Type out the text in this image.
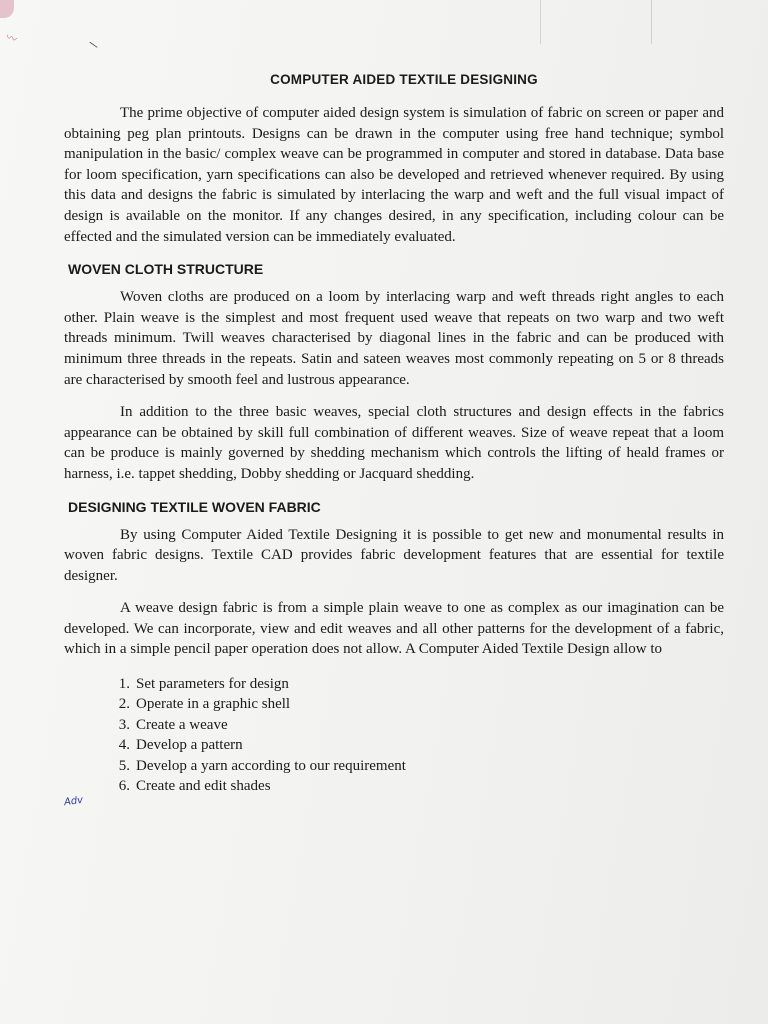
〰	\
Adv
COMPUTER AIDED TEXTILE DESIGNING

The prime objective of computer aided design system is simulation of fabric on screen or paper and obtaining peg plan printouts. Designs can be drawn in the computer using free hand technique; symbol manipulation in the basic/ complex weave can be programmed in computer and stored in database. Data base for loom specification, yarn specifications can also be developed and retrieved whenever required. By using this data and designs the fabric is simulated by interlacing the warp and weft and the full visual impact of design is available on the monitor. If any changes desired, in any specification, including colour can be effected and the simulated version can be immediately evaluated.

WOVEN CLOTH STRUCTURE

Woven cloths are produced on a loom by interlacing warp and weft threads right angles to each other. Plain weave is the simplest and most frequent used weave that repeats on two warp and two weft threads minimum. Twill weaves characterised by diagonal lines in the fabric and can be produced with minimum three threads in the repeats. Satin and sateen weaves most commonly repeating on 5 or 8 threads are characterised by smooth feel and lustrous appearance.

In addition to the three basic weaves, special cloth structures and design effects in the fabrics appearance can be obtained by skill full combination of different weaves. Size of weave repeat that a loom can be produce is mainly governed by shedding mechanism which controls the lifting of heald frames or harness, i.e. tappet shedding, Dobby shedding or Jacquard shedding.

DESIGNING TEXTILE WOVEN FABRIC

By using Computer Aided Textile Designing it is possible to get new and monumental results in woven fabric designs. Textile CAD provides fabric development features that are essential for textile designer.

A weave design fabric is from a simple plain weave to one as complex as our imagination can be developed. We can incorporate, view and edit weaves and all other patterns for the development of a fabric, which in a simple pencil paper operation does not allow. A Computer Aided Textile Design allow to

1. Set parameters for design
2. Operate in a graphic shell
3. Create a weave
4. Develop a pattern
5. Develop a yarn according to our requirement
6. Create and edit shades
